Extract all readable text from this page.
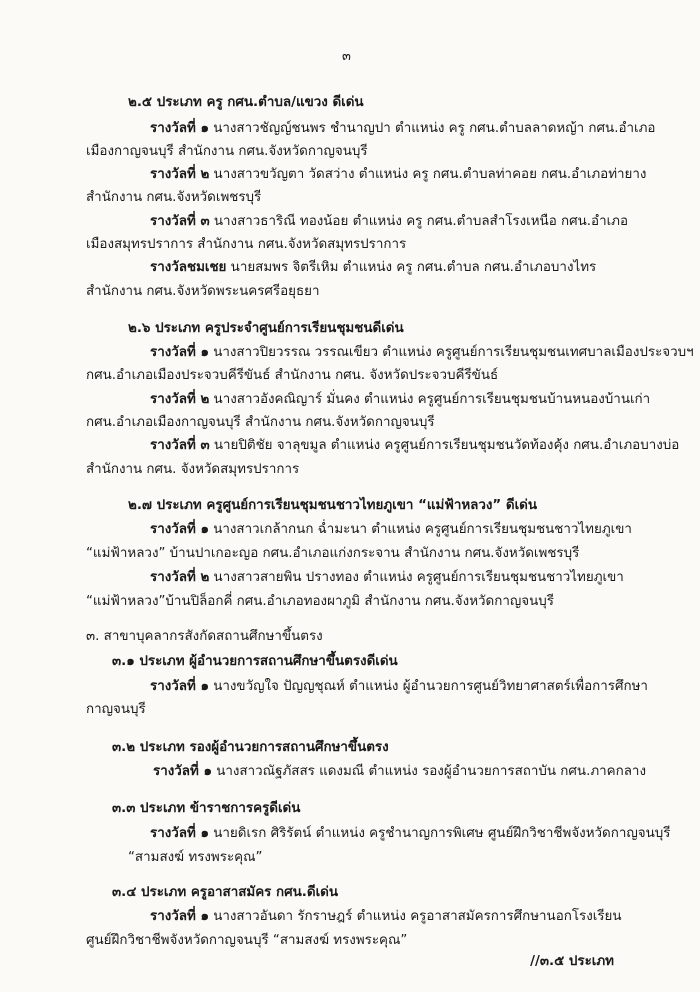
๓
๒.๕ ประเภท ครู กศน.ตำบล/แขวง ดีเด่น
รางวัลที่ ๑ นางสาวชัญญ์ชนพร ชำนาญปา ตำแหน่ง ครู กศน.ตำบลลาดหญ้า กศน.อำเภอ
เมืองกาญจนบุรี สำนักงาน กศน.จังหวัดกาญจนบุรี
รางวัลที่ ๒ นางสาวขวัญตา วัดสว่าง ตำแหน่ง ครู กศน.ตำบลท่าคอย กศน.อำเภอท่ายาง
สำนักงาน กศน.จังหวัดเพชรบุรี
รางวัลที่ ๓ นางสาวธาริณี ทองน้อย ตำแหน่ง ครู กศน.ตำบลสำโรงเหนือ กศน.อำเภอ
เมืองสมุทรปราการ สำนักงาน กศน.จังหวัดสมุทรปราการ
รางวัลชมเชย นายสมพร จิตรีเหิม ตำแหน่ง ครู กศน.ตำบล กศน.อำเภอบางไทร
สำนักงาน กศน.จังหวัดพระนครศรีอยุธยา
๒.๖ ประเภท ครูประจำศูนย์การเรียนชุมชนดีเด่น
รางวัลที่ ๑ นางสาวปิยวรรณ วรรณเขียว ตำแหน่ง ครูศูนย์การเรียนชุมชนเทศบาลเมืองประจวบฯ
กศน.อำเภอเมืองประจวบคีรีขันธ์ สำนักงาน กศน. จังหวัดประจวบคีรีขันธ์
รางวัลที่ ๒ นางสาวอังคณิญาร์ มั่นคง ตำแหน่ง ครูศูนย์การเรียนชุมชนบ้านหนองบ้านเก่า
กศน.อำเภอเมืองกาญจนบุรี สำนักงาน กศน.จังหวัดกาญจนบุรี
รางวัลที่ ๓ นายปิติชัย จาลุขมูล ตำแหน่ง ครูศูนย์การเรียนชุมชนวัดท้องคุ้ง กศน.อำเภอบางบ่อ
สำนักงาน กศน. จังหวัดสมุทรปราการ
๒.๗ ประเภท ครูศูนย์การเรียนชุมชนชาวไทยภูเขา “แม่ฟ้าหลวง” ดีเด่น
รางวัลที่ ๑ นางสาวเกล้ากนก ฉ่ำมะนา ตำแหน่ง ครูศูนย์การเรียนชุมชนชาวไทยภูเขา
“แม่ฟ้าหลวง” บ้านปาเกอะญอ กศน.อำเภอแก่งกระจาน สำนักงาน กศน.จังหวัดเพชรบุรี
รางวัลที่ ๒ นางสาวสายพิน ปรางทอง ตำแหน่ง ครูศูนย์การเรียนชุมชนชาวไทยภูเขา
“แม่ฟ้าหลวง”บ้านปิล็อกคี่ กศน.อำเภอทองผาภูมิ สำนักงาน กศน.จังหวัดกาญจนบุรี
๓. สาขาบุคลากรสังกัดสถานศึกษาขึ้นตรง
๓.๑ ประเภท ผู้อำนวยการสถานศึกษาขึ้นตรงดีเด่น
รางวัลที่ ๑ นางขวัญใจ ปัญญชุณห์ ตำแหน่ง ผู้อำนวยการศูนย์วิทยาศาสตร์เพื่อการศึกษา
กาญจนบุรี
๓.๒ ประเภท รองผู้อำนวยการสถานศึกษาขึ้นตรง
รางวัลที่ ๑ นางสาวณัฐภัสสร แดงมณี ตำแหน่ง รองผู้อำนวยการสถาบัน กศน.ภาคกลาง
๓.๓ ประเภท ข้าราชการครูดีเด่น
รางวัลที่ ๑ นายดิเรก ศิริรัตน์ ตำแหน่ง ครูชำนาญการพิเศษ ศูนย์ฝึกวิชาชีพจังหวัดกาญจนบุรี
“สามสงฆ์ ทรงพระคุณ”
๓.๔ ประเภท ครูอาสาสมัคร กศน.ดีเด่น
รางวัลที่ ๑ นางสาวอันดา รักราษฎร์ ตำแหน่ง ครูอาสาสมัครการศึกษานอกโรงเรียน
ศูนย์ฝึกวิชาชีพจังหวัดกาญจนบุรี “สามสงฆ์ ทรงพระคุณ”
//๓.๕ ประเภท
